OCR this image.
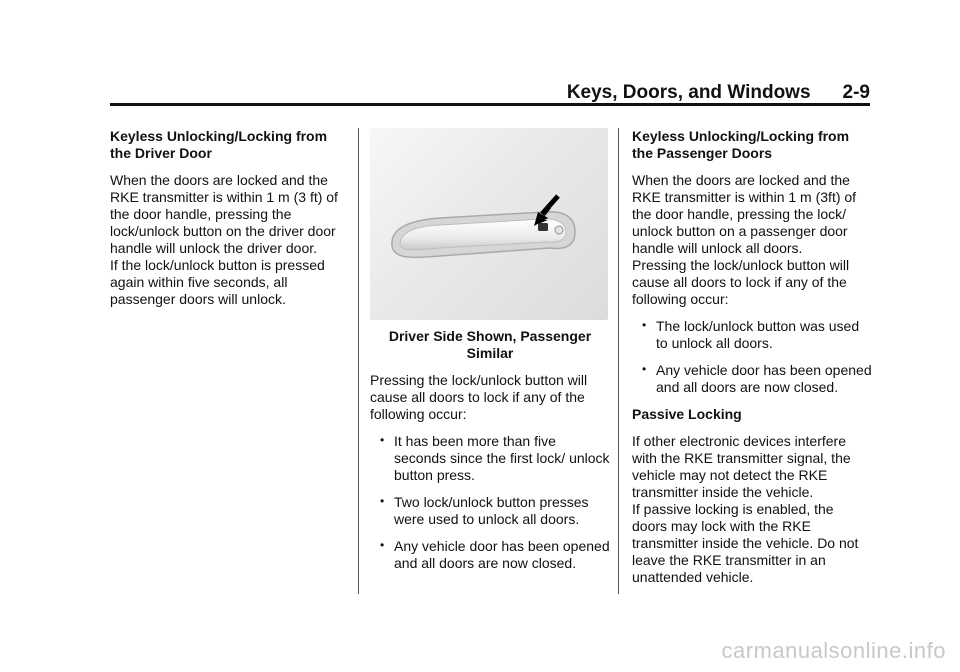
Keys, Doors, and Windows 2-9

Keyless Unlocking/Locking from the Driver Door

When the doors are locked and the RKE transmitter is within 1 m (3 ft) of the door handle, pressing the lock/unlock button on the driver door handle will unlock the driver door.

If the lock/unlock button is pressed again within five seconds, all passenger doors will unlock.

Driver Side Shown, Passenger Similar

Pressing the lock/unlock button will cause all doors to lock if any of the following occur:

• It has been more than five seconds since the first lock/ unlock button press.
• Two lock/unlock button presses were used to unlock all doors.
• Any vehicle door has been opened and all doors are now closed.

Keyless Unlocking/Locking from the Passenger Doors

When the doors are locked and the RKE transmitter is within 1 m (3ft) of the door handle, pressing the lock/ unlock button on a passenger door handle will unlock all doors.

Pressing the lock/unlock button will cause all doors to lock if any of the following occur:

• The lock/unlock button was used to unlock all doors.
• Any vehicle door has been opened and all doors are now closed.

Passive Locking

If other electronic devices interfere with the RKE transmitter signal, the vehicle may not detect the RKE transmitter inside the vehicle.

If passive locking is enabled, the doors may lock with the RKE transmitter inside the vehicle. Do not leave the RKE transmitter in an unattended vehicle.

carmanualsonline.info
